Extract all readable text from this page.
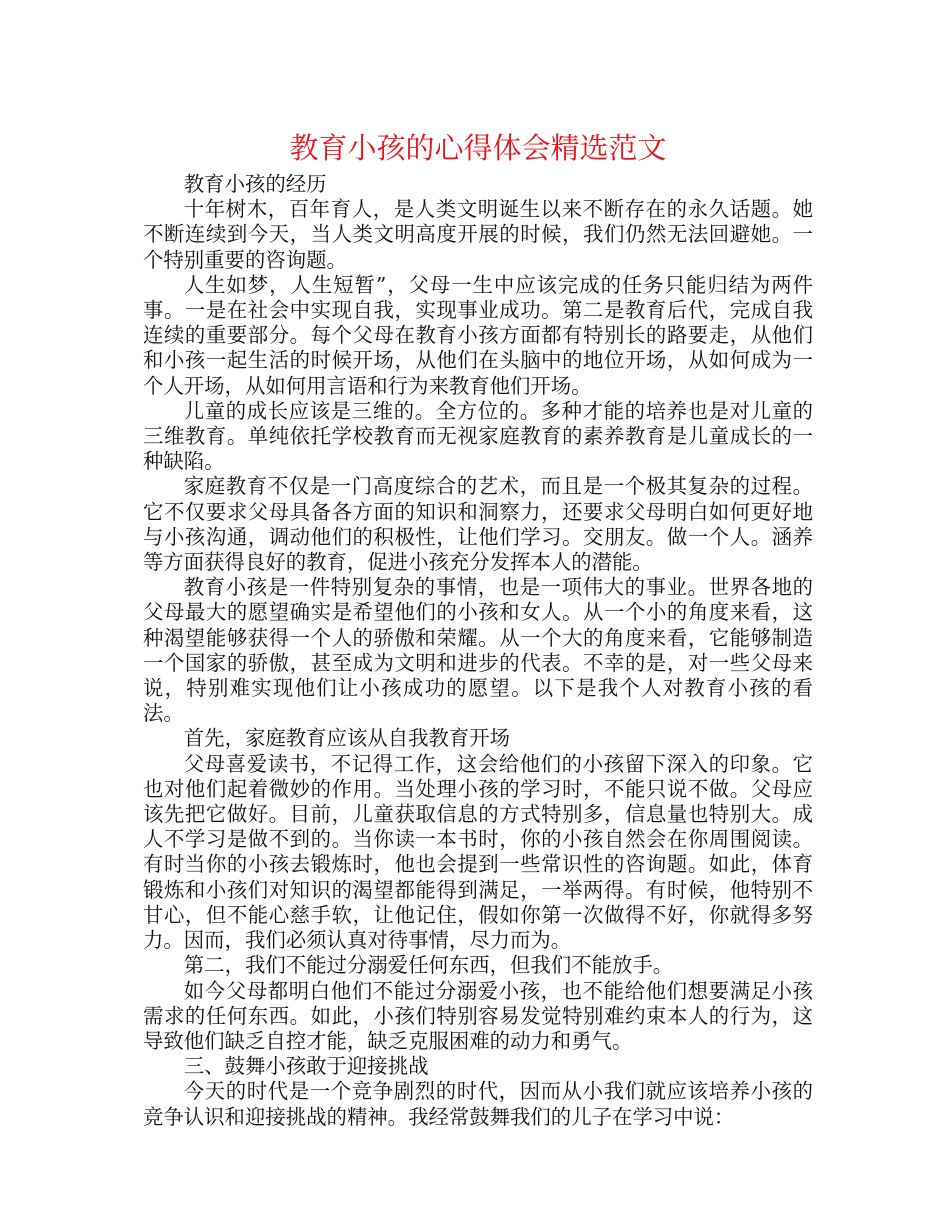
教育小孩的心得体会精选范文

教育小孩的经历

十年树木，百年育人，是人类文明诞生以来不断存在的永久话题。她不断连续到今天，当人类文明高度开展的时候，我们仍然无法回避她。一个特别重要的咨询题。

人生如梦，人生短暂”，父母一生中应该完成的任务只能归结为两件事。一是在社会中实现自我，实现事业成功。第二是教育后代，完成自我连续的重要部分。每个父母在教育小孩方面都有特别长的路要走，从他们和小孩一起生活的时候开场，从他们在头脑中的地位开场，从如何成为一个人开场，从如何用言语和行为来教育他们开场。

儿童的成长应该是三维的。全方位的。多种才能的培养也是对儿童的三维教育。单纯依托学校教育而无视家庭教育的素养教育是儿童成长的一种缺陷。

家庭教育不仅是一门高度综合的艺术，而且是一个极其复杂的过程。它不仅要求父母具备各方面的知识和洞察力，还要求父母明白如何更好地与小孩沟通，调动他们的积极性，让他们学习。交朋友。做一个人。涵养等方面获得良好的教育，促进小孩充分发挥本人的潜能。

教育小孩是一件特别复杂的事情，也是一项伟大的事业。世界各地的父母最大的愿望确实是希望他们的小孩和女人。从一个小的角度来看，这种渴望能够获得一个人的骄傲和荣耀。从一个大的角度来看，它能够制造一个国家的骄傲，甚至成为文明和进步的代表。不幸的是，对一些父母来说，特别难实现他们让小孩成功的愿望。以下是我个人对教育小孩的看法。

首先，家庭教育应该从自我教育开场

父母喜爱读书，不记得工作，这会给他们的小孩留下深入的印象。它也对他们起着微妙的作用。当处理小孩的学习时，不能只说不做。父母应该先把它做好。目前，儿童获取信息的方式特别多，信息量也特别大。成人不学习是做不到的。当你读一本书时，你的小孩自然会在你周围阅读。有时当你的小孩去锻炼时，他也会提到一些常识性的咨询题。如此，体育锻炼和小孩们对知识的渴望都能得到满足，一举两得。有时候，他特别不甘心，但不能心慈手软，让他记住，假如你第一次做得不好，你就得多努力。因而，我们必须认真对待事情，尽力而为。

第二，我们不能过分溺爱任何东西，但我们不能放手。

如今父母都明白他们不能过分溺爱小孩，也不能给他们想要满足小孩需求的任何东西。如此，小孩们特别容易发觉特别难约束本人的行为，这导致他们缺乏自控才能，缺乏克服困难的动力和勇气。

三、鼓舞小孩敢于迎接挑战

今天的时代是一个竞争剧烈的时代，因而从小我们就应该培养小孩的竞争认识和迎接挑战的精神。我经常鼓舞我们的儿子在学习中说：
